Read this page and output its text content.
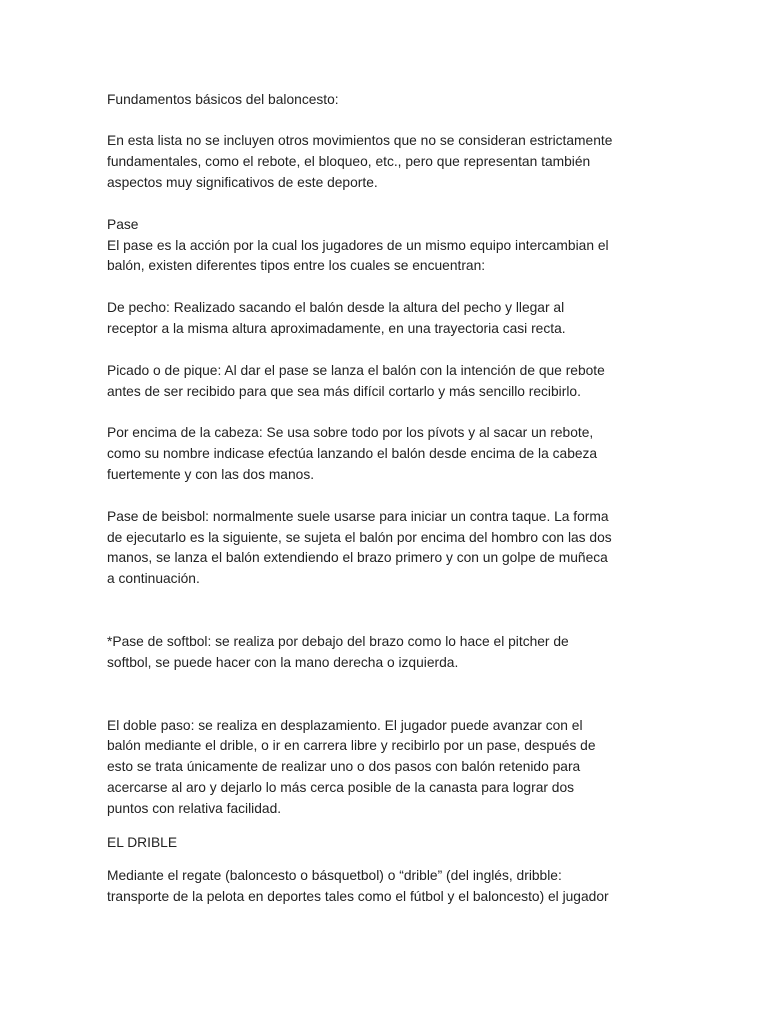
Fundamentos básicos del baloncesto:

En esta lista no se incluyen otros movimientos que no se consideran estrictamente
fundamentales, como el rebote, el bloqueo, etc., pero que representan también
aspectos muy significativos de este deporte.

Pase

El pase es la acción por la cual los jugadores de un mismo equipo intercambian el
balón, existen diferentes tipos entre los cuales se encuentran:

De pecho: Realizado sacando el balón desde la altura del pecho y llegar al
receptor a la misma altura aproximadamente, en una trayectoria casi recta.

Picado o de pique: Al dar el pase se lanza el balón con la intención de que rebote
antes de ser recibido para que sea más difícil cortarlo y más sencillo recibirlo.

Por encima de la cabeza: Se usa sobre todo por los pívots y al sacar un rebote,
como su nombre indicase efectúa lanzando el balón desde encima de la cabeza
fuertemente y con las dos manos.

Pase de beisbol: normalmente suele usarse para iniciar un contra taque. La forma
de ejecutarlo es la siguiente, se sujeta el balón por encima del hombro con las dos
manos, se lanza el balón extendiendo el brazo primero y con un golpe de muñeca
a continuación.

*Pase de softbol: se realiza por debajo del brazo como lo hace el pitcher de
softbol, se puede hacer con la mano derecha o izquierda.

El doble paso: se realiza en desplazamiento. El jugador puede avanzar con el
balón mediante el drible, o ir en carrera libre y recibirlo por un pase, después de
esto se trata únicamente de realizar uno o dos pasos con balón retenido para
acercarse al aro y dejarlo lo más cerca posible de la canasta para lograr dos
puntos con relativa facilidad.

EL DRIBLE

Mediante el regate (baloncesto o básquetbol) o “drible” (del inglés, dribble:
transporte de la pelota en deportes tales como el fútbol y el baloncesto) el jugador
